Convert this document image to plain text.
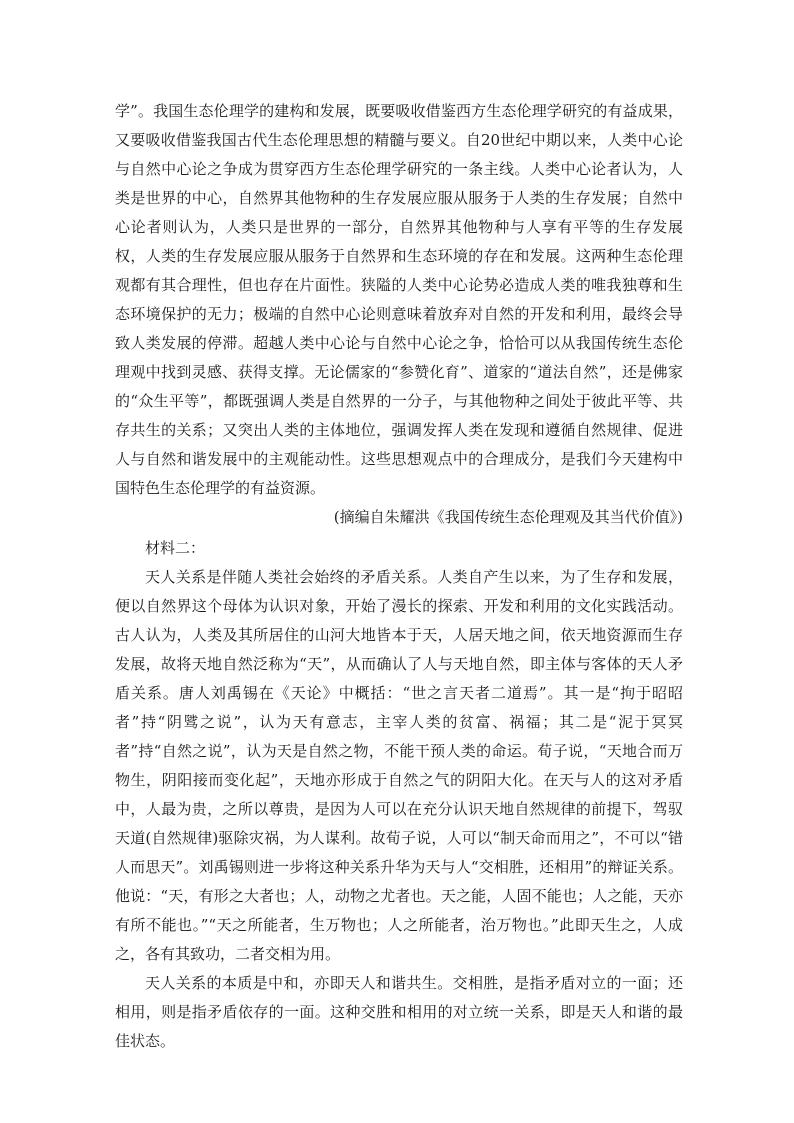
学”。我国生态伦理学的建构和发展，既要吸收借鉴西方生态伦理学研究的有益成果，又要吸收借鉴我国古代生态伦理思想的精髓与要义。自20世纪中期以来，人类中心论与自然中心论之争成为贯穿西方生态伦理学研究的一条主线。人类中心论者认为，人类是世界的中心，自然界其他物种的生存发展应服从服务于人类的生存发展；自然中心论者则认为，人类只是世界的一部分，自然界其他物种与人享有平等的生存发展权，人类的生存发展应服从服务于自然界和生态环境的存在和发展。这两种生态伦理观都有其合理性，但也存在片面性。狭隘的人类中心论势必造成人类的唯我独尊和生态环境保护的无力；极端的自然中心论则意味着放弃对自然的开发和利用，最终会导致人类发展的停滞。超越人类中心论与自然中心论之争，恰恰可以从我国传统生态伦理观中找到灵感、获得支撑。无论儒家的“参赞化育”、道家的“道法自然”，还是佛家的“众生平等”，都既强调人类是自然界的一分子，与其他物种之间处于彼此平等、共存共生的关系；又突出人类的主体地位，强调发挥人类在发现和遵循自然规律、促进人与自然和谐发展中的主观能动性。这些思想观点中的合理成分，是我们今天建构中国特色生态伦理学的有益资源。

(摘编自朱耀洪《我国传统生态伦理观及其当代价值》)

材料二：

天人关系是伴随人类社会始终的矛盾关系。人类自产生以来，为了生存和发展，便以自然界这个母体为认识对象，开始了漫长的探索、开发和利用的文化实践活动。古人认为，人类及其所居住的山河大地皆本于天，人居天地之间，依天地资源而生存发展，故将天地自然泛称为“天”，从而确认了人与天地自然，即主体与客体的天人矛盾关系。唐人刘禹锡在《天论》中概括：“世之言天者二道焉”。其一是“拘于昭昭者”持“阴骘之说”，认为天有意志，主宰人类的贫富、祸福；其二是“泥于冥冥者”持“自然之说”，认为天是自然之物，不能干预人类的命运。荀子说，“天地合而万物生，阴阳接而变化起”，天地亦形成于自然之气的阴阳大化。在天与人的这对矛盾中，人最为贵，之所以尊贵，是因为人可以在充分认识天地自然规律的前提下，驾驭天道(自然规律)驱除灾祸，为人谋利。故荀子说，人可以“制天命而用之”，不可以“错人而思天”。刘禹锡则进一步将这种关系升华为天与人“交相胜，还相用”的辩证关系。他说：“天，有形之大者也；人，动物之尤者也。天之能，人固不能也；人之能，天亦有所不能也。”“天之所能者，生万物也；人之所能者，治万物也。”此即天生之，人成之，各有其致功，二者交相为用。

天人关系的本质是中和，亦即天人和谐共生。交相胜，是指矛盾对立的一面；还相用，则是指矛盾依存的一面。这种交胜和相用的对立统一关系，即是天人和谐的最佳状态。
